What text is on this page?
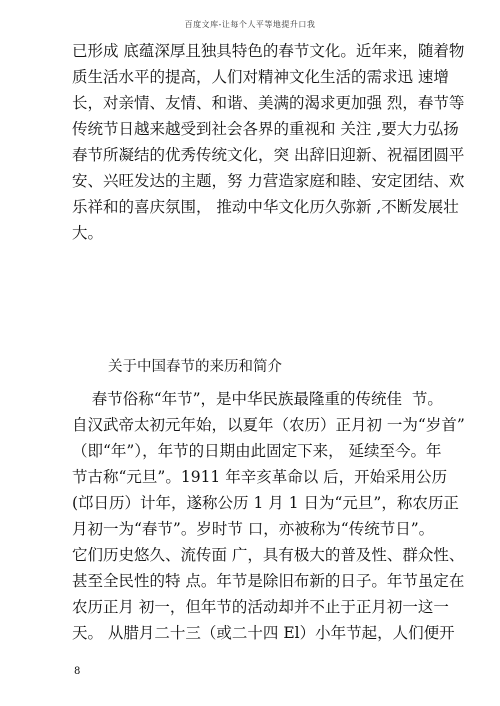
百度文库-让每个人平等地提升口我
已形成 底蕴深厚且独具特色的春节文化。近年来，随着物
质生活水平的提高，人们对精神文化生活的需求迅 速增
长，对亲情、友情、和谐、美满的渴求更加强 烈，春节等
传统节日越来越受到社会各界的重视和 关注 ,要大力弘扬
春节所凝结的优秀传统文化，突 出辞旧迎新、祝福团圆平
安、兴旺发达的主题，努 力营造家庭和睦、安定团结、欢
乐祥和的喜庆氛围， 推动中华文化历久弥新 ,不断发展壮
大。
关于中国春节的来历和简介
春节俗称“年节”，是中华民族最隆重的传统佳  节。
自汉武帝太初元年始，以夏年（农历）正月初 一为“岁首”
（即“年”），年节的日期由此固定下来， 延续至今。年
节古称“元旦”。1911 年辛亥革命以 后，开始采用公历
(邙日历）计年，遂称公历 1 月 1 日为“元旦”，称农历正
月初一为“春节”。岁时节 口，亦被称为“传统节日”。
它们历史悠久、流传面 广，具有极大的普及性、群众性、
甚至全民性的特 点。年节是除旧布新的日子。年节虽定在
农历正月 初一，但年节的活动却并不止于正月初一这一
天。 从腊月二十三（或二十四 El）小年节起，人们便开
8
